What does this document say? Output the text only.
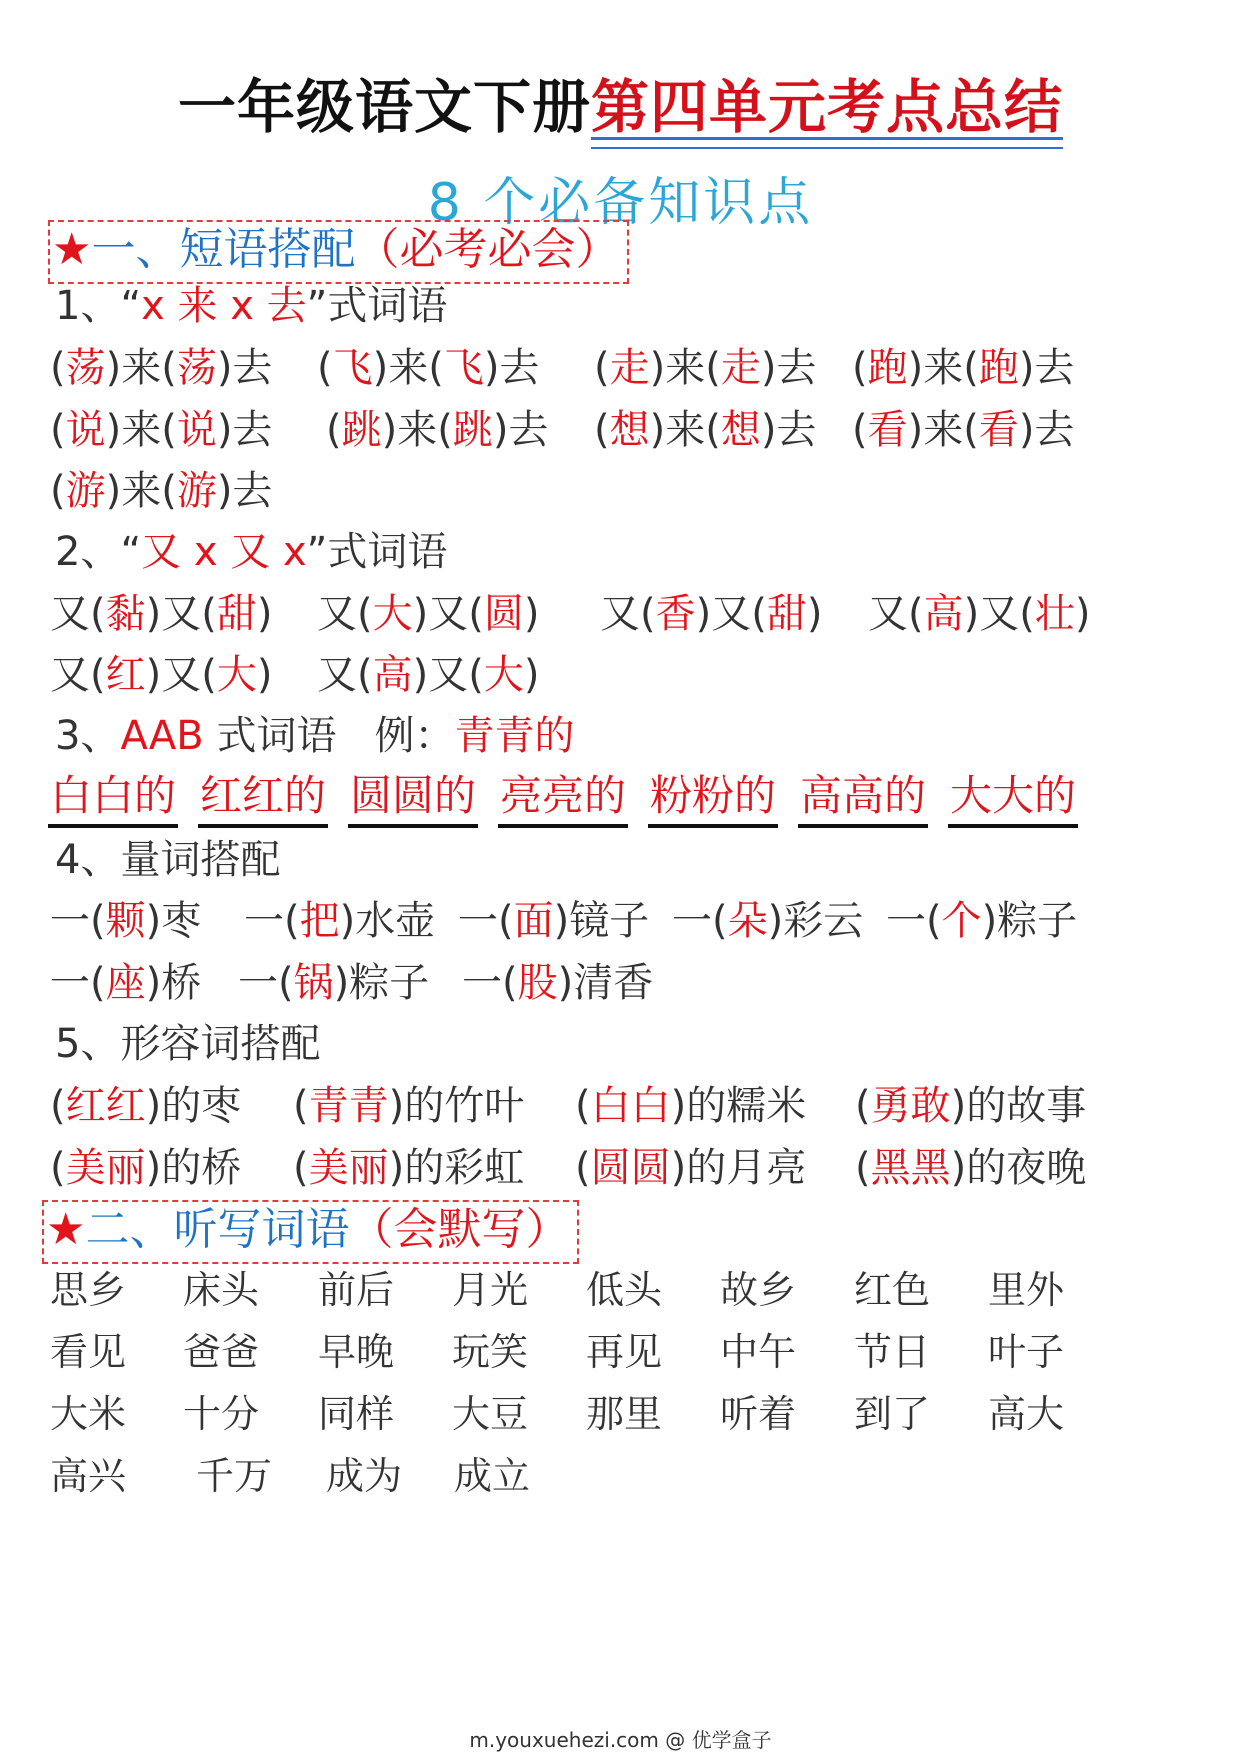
一年级语文下册第四单元考点总结
8 个必备知识点
★一、短语搭配（必考必会）
1、“x 来 x 去”式词语
(荡)来(荡)去 (飞)来(飞)去 (走)来(走)去 (跑)来(跑)去
(说)来(说)去 (跳)来(跳)去 (想)来(想)去 (看)来(看)去
(游)来(游)去
2、“又 x 又 x”式词语
又(黏)又(甜) 又(大)又(圆) 又(香)又(甜) 又(高)又(壮)
又(红)又(大) 又(高)又(大)
3、AAB 式词语 例：青青的
白白的 红红的 圆圆的 亮亮的 粉粉的 高高的 大大的
4、量词搭配
一(颗)枣 一(把)水壶 一(面)镜子 一(朵)彩云 一(个)粽子
一(座)桥 一(锅)粽子 一(股)清香
5、形容词搭配
(红红)的枣 (青青)的竹叶 (白白)的糯米 (勇敢)的故事
(美丽)的桥 (美丽)的彩虹 (圆圆)的月亮 (黑黑)的夜晚
★二、听写词语（会默写）
思乡 床头 前后 月光 低头 故乡 红色 里外
看见 爸爸 早晚 玩笑 再见 中午 节日 叶子
大米 十分 同样 大豆 那里 听着 到了 高大
高兴 千万 成为 成立
m.youxuehezi.com @ 优学盒子
